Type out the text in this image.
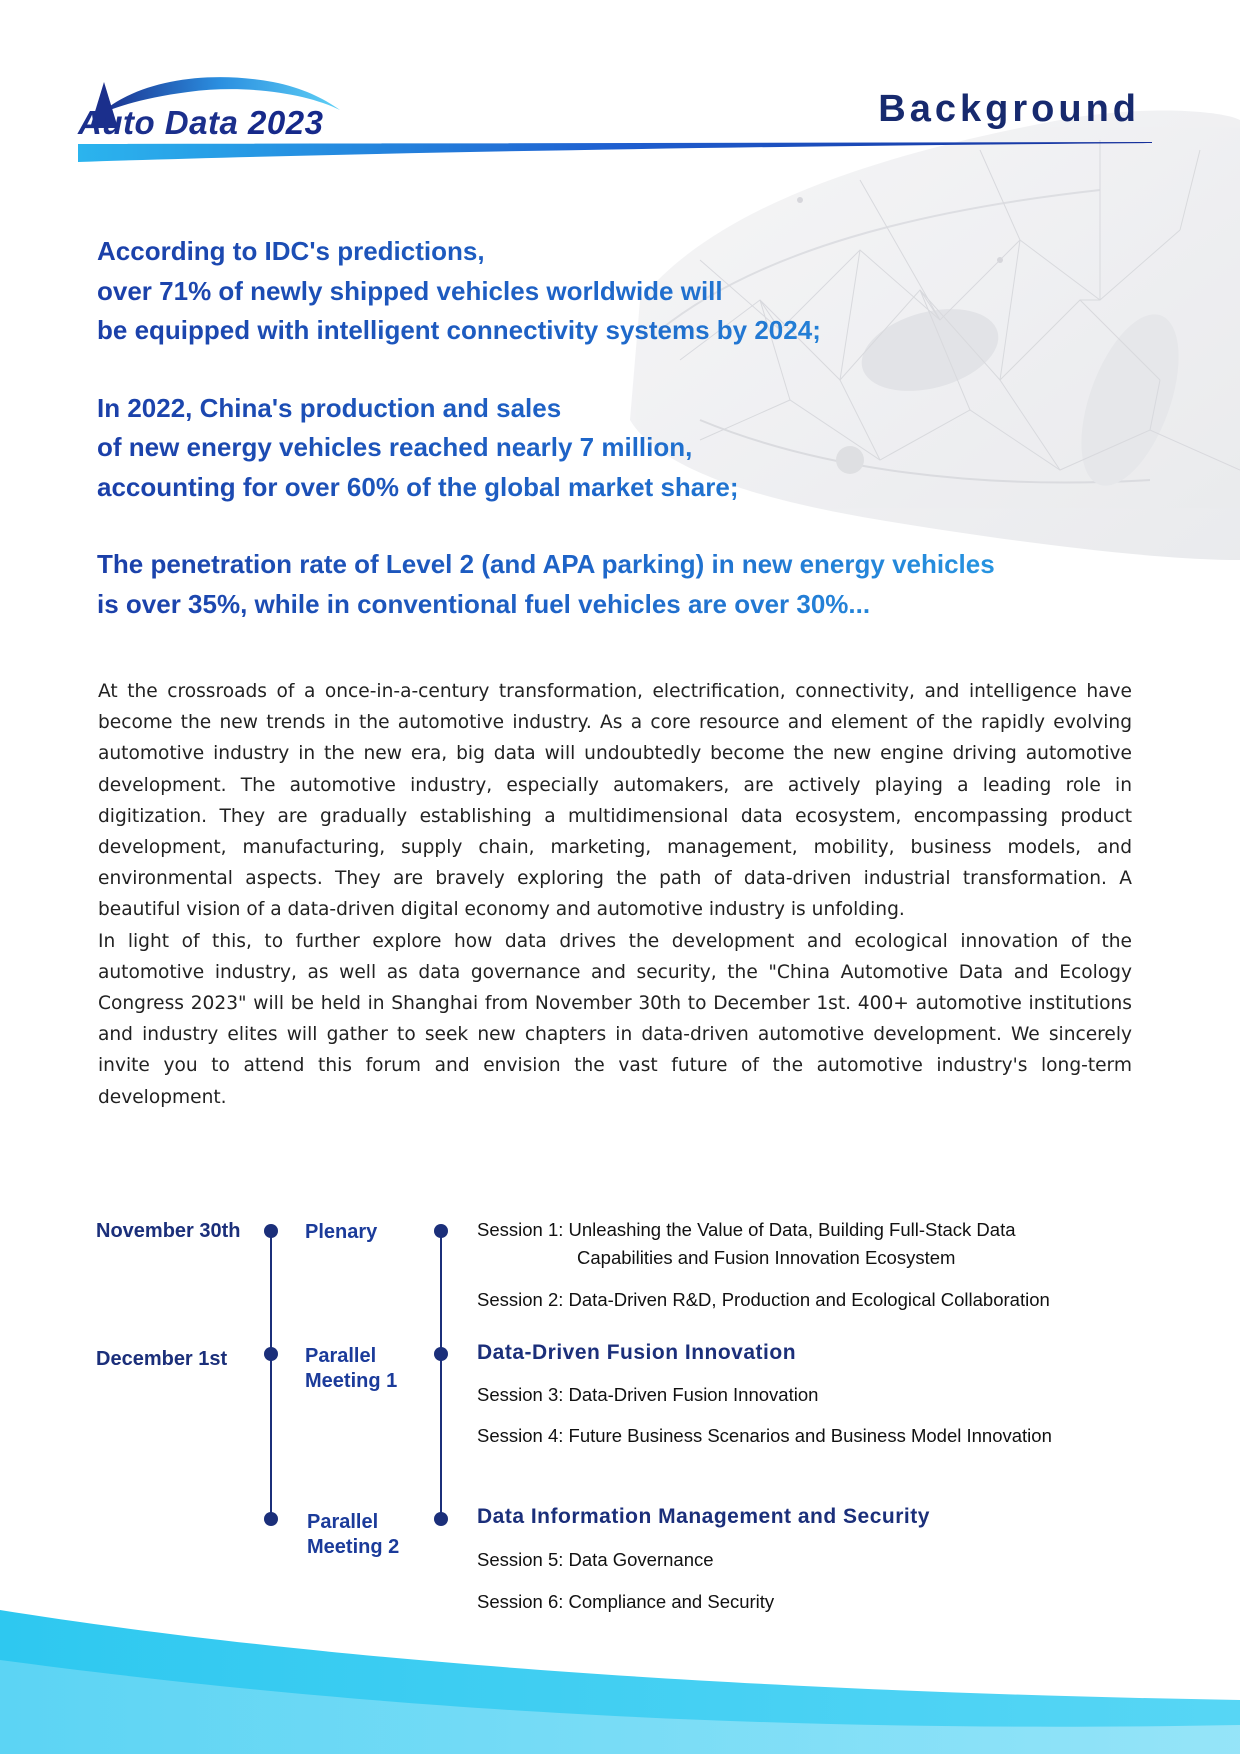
Auto Data 2023	Background
According to IDC's predictions,
over 71% of newly shipped vehicles worldwide will
be equipped with intelligent connectivity systems by 2024;
In 2022, China's production and sales
of new energy vehicles reached nearly 7 million,
accounting for over 60% of the global market share;
The penetration rate of Level 2 (and APA parking) in new energy vehicles
is over 35%, while in conventional fuel vehicles are over 30%...

At the crossroads of a once-in-a-century transformation, electrification, connectivity, and intelligence have become the new trends in the automotive industry. As a core resource and element of the rapidly evolving automotive industry in the new era, big data will undoubtedly become the new engine driving automotive development. The automotive industry, especially automakers, are actively playing a leading role in digitization. They are gradually establishing a multidimensional data ecosystem, encompassing product development, manufacturing, supply chain, marketing, management, mobility, business models, and environmental aspects. They are bravely exploring the path of data-driven industrial transformation. A beautiful vision of a data-driven digital economy and automotive industry is unfolding.

In light of this, to further explore how data drives the development and ecological innovation of the automotive industry, as well as data governance and security, the "China Automotive Data and Ecology Congress 2023" will be held in Shanghai from November 30th to December 1st. 400+ automotive institutions and industry elites will gather to seek new chapters in data-driven automotive development. We sincerely invite you to attend this forum and envision the vast future of the automotive industry's long-term development.

November 30th
December 1st
Plenary
Parallel
Meeting 1
Parallel
Meeting 2
Session 1: Unleashing the Value of Data, Building Full-Stack Data
Capabilities and Fusion Innovation Ecosystem
Session 2: Data-Driven R&D, Production and Ecological Collaboration
Data-Driven Fusion Innovation
Session 3: Data-Driven Fusion Innovation
Session 4: Future Business Scenarios and Business Model Innovation
Data Information Management and Security
Session 5: Data Governance
Session 6: Compliance and Security
